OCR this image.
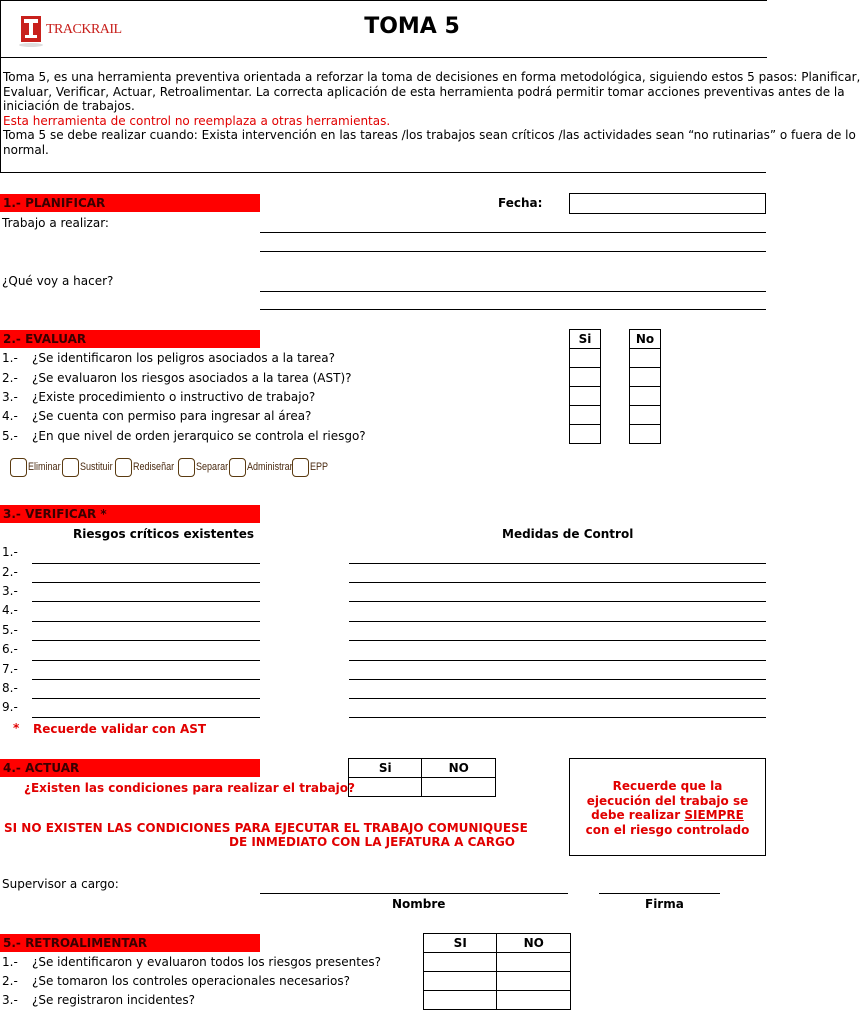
TRACKRAIL	TOMA 5
Toma 5, es una herramienta preventiva orientada a reforzar la toma de decisiones en forma metodológica, siguiendo estos 5 pasos: Planificar,
Evaluar, Verificar, Actuar, Retroalimentar. La correcta aplicación de esta herramienta podrá permitir tomar acciones preventivas antes de la
iniciación de trabajos.
Esta herramienta de control no reemplaza a otras herramientas.
Toma 5 se debe realizar cuando: Exista intervención en las tareas /los trabajos sean críticos /las actividades sean “no rutinarias” o fuera de lo
normal.
1.- PLANIFICAR	Fecha:
Trabajo a realizar:
¿Qué voy a hacer?
2.- EVALUAR	Si	No

1.- ¿Se identificaron los peligros asociados a la tarea?
2.- ¿Se evaluaron los riesgos asociados a la tarea (AST)?
3.- ¿Existe procedimiento o instructivo de trabajo?
4.- ¿Se cuenta con permiso para ingresar al área?
5.- ¿En que nivel de orden jerarquico se controla el riesgo?
Eliminar Sustituir Rediseñar Separar Administrar EPP
3.- VERIFICAR *
Riesgos críticos existentes	Medidas de Control
1.-
2.-
3.-
4.-
5.-
6.-
7.-
8.-
9.-
* Recuerde validar con AST
4.- ACTUAR
¿Existen las condiciones para realizar el trabajo?
Si	NO

Recuerde que la
ejecución del trabajo se
debe realizar SIEMPRE
con el riesgo controlado
SI NO EXISTEN LAS CONDICIONES PARA EJECUTAR EL TRABAJO COMUNIQUESE
DE INMEDIATO CON LA JEFATURA A CARGO
Supervisor a cargo:
Nombre	Firma
5.- RETROALIMENTAR	SI	NO

1.- ¿Se identificaron y evaluaron todos los riesgos presentes?
2.- ¿Se tomaron los controles operacionales necesarios?
3.- ¿Se registraron incidentes?
